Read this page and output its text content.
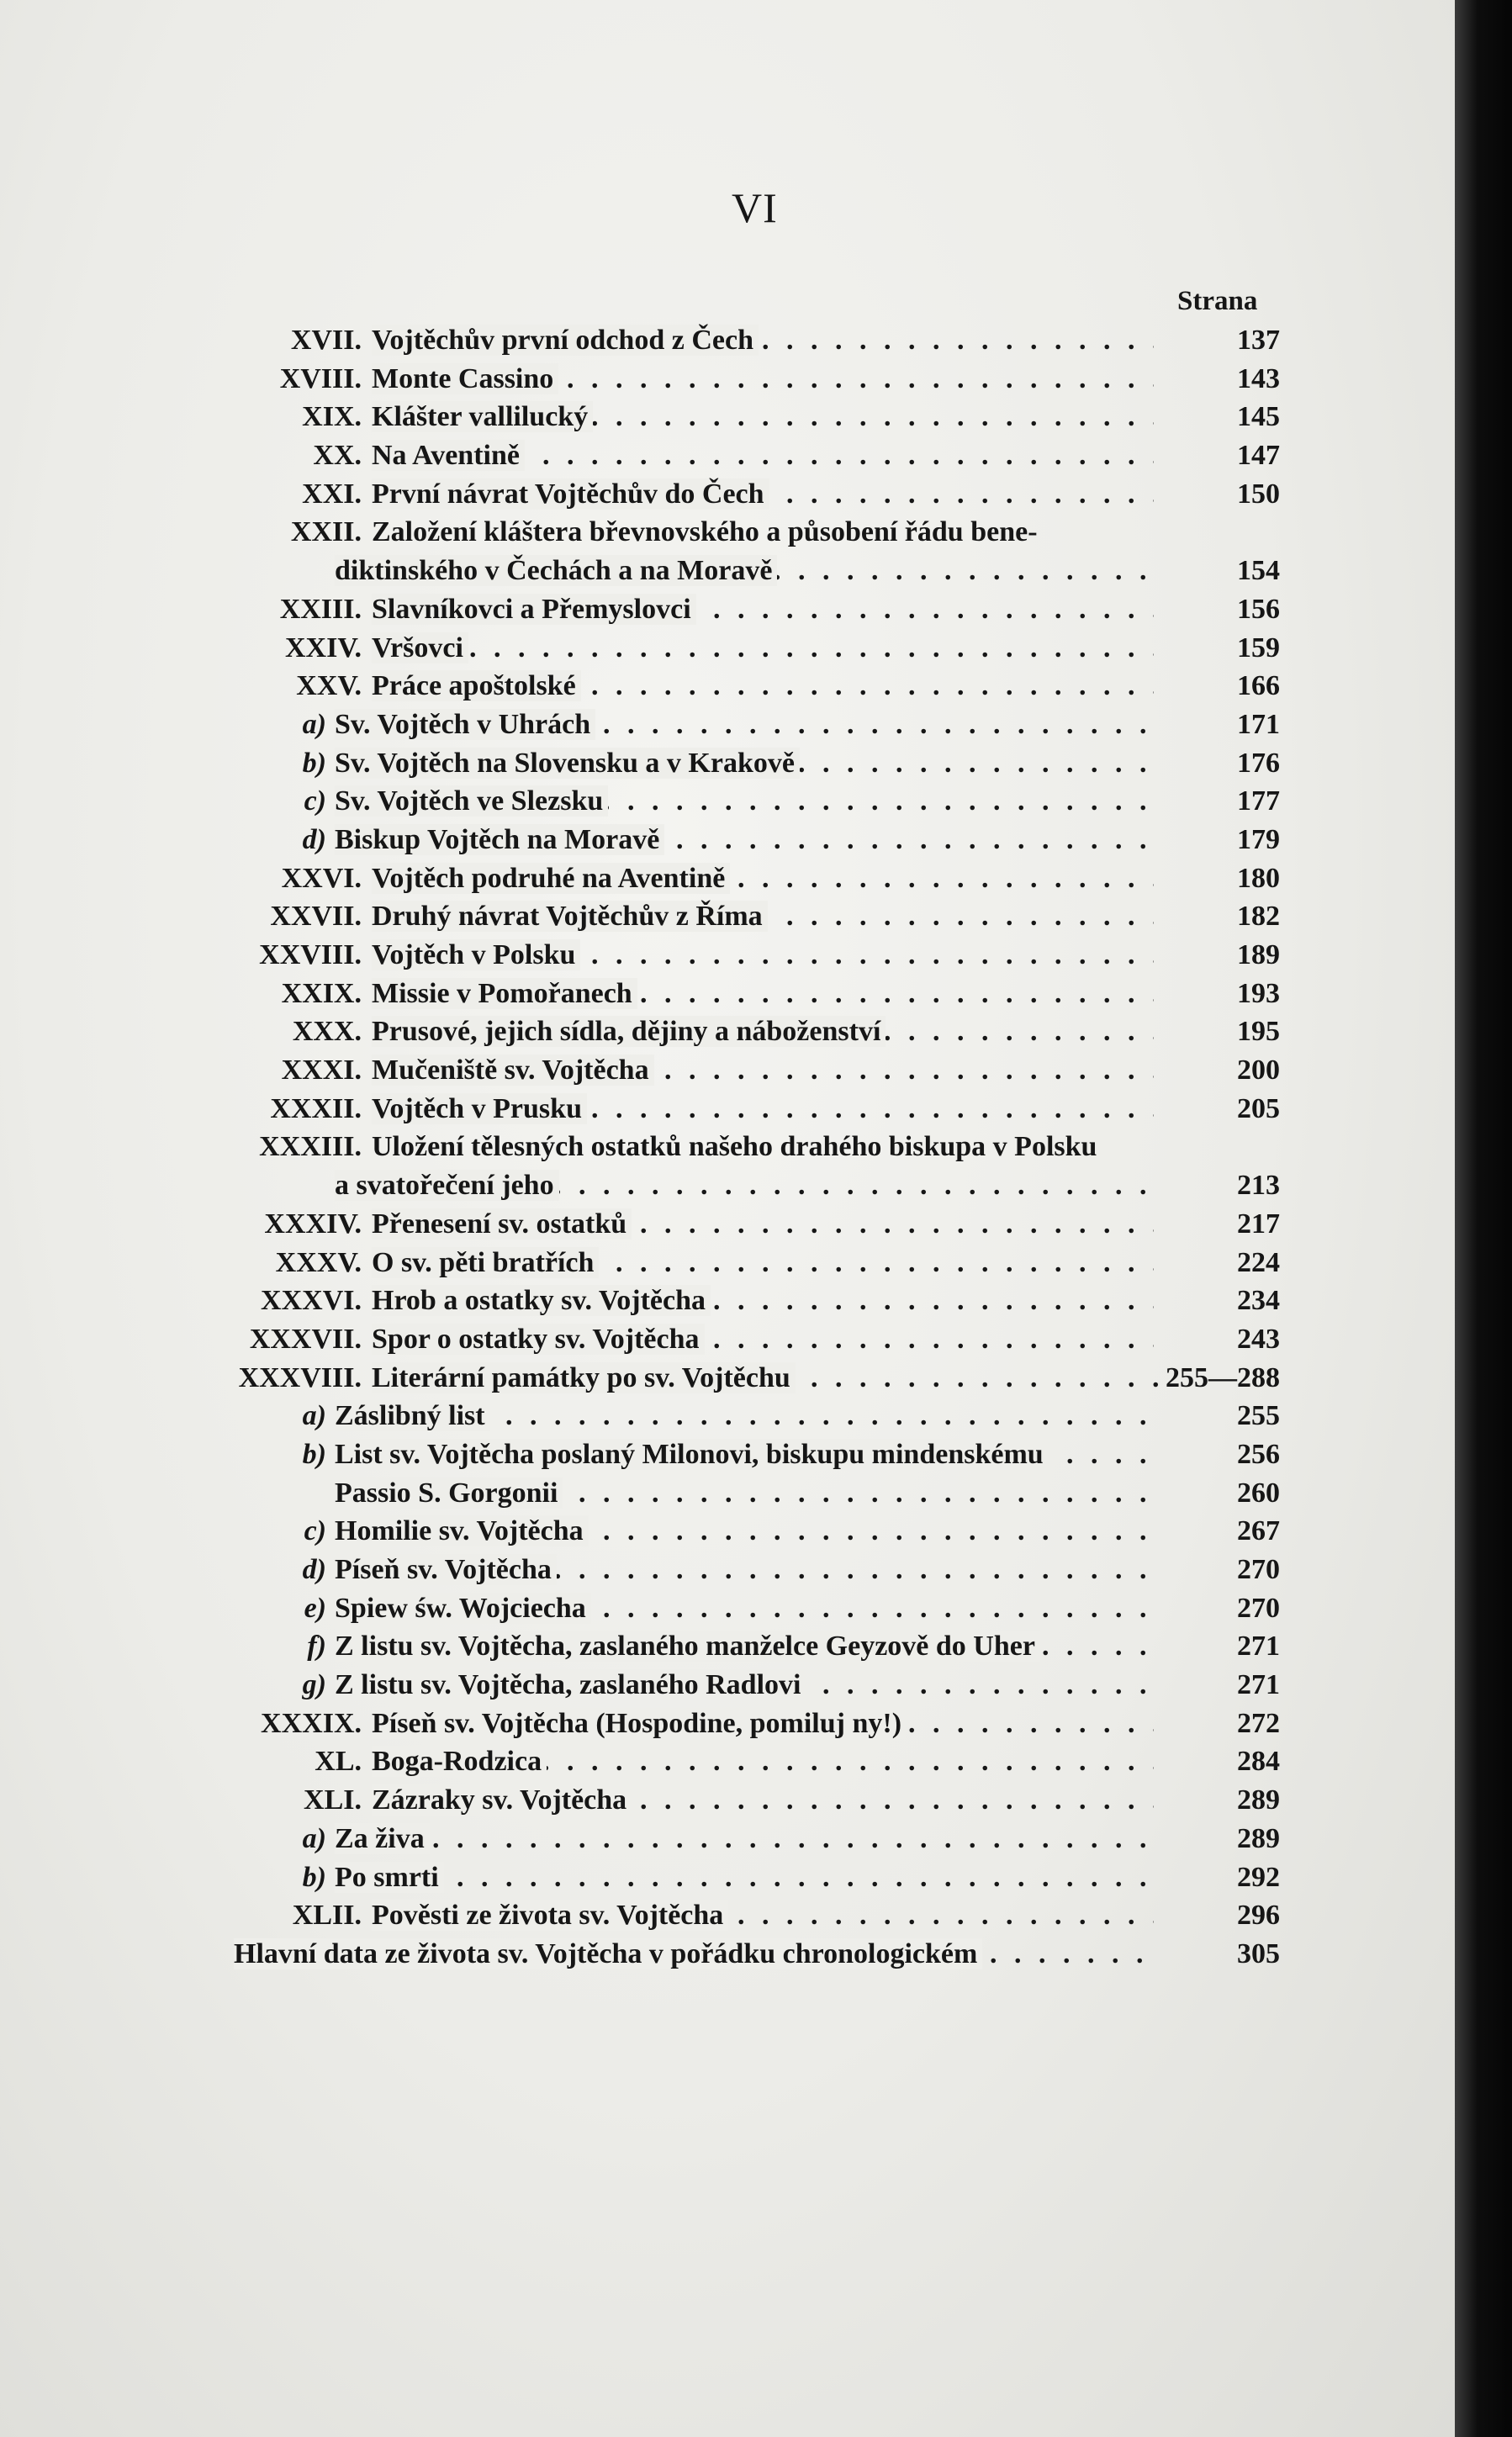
VI
Strana
XVII. . . . Vojtěchův první odchod z Čech	137
XVIII. . . . Monte Cassino	143
XIX. . . . Klášter vallilucký	145
XX. . . . Na Aventině	147
XXI. . . . První návrat Vojtěchův do Čech	150
XXII. Založení kláštera břevnovského a působení řádu bene-
. . .
diktinského v Čechách a na Moravě	154
XXIII. . . . Slavníkovci a Přemyslovci	156
XXIV. . . . Vršovci	159
XXV. . . . Práce apoštolské	166
a) . . . Sv. Vojtěch v Uhrách	171
b) . . . Sv. Vojtěch na Slovensku a v Krakově	176
c) . . . Sv. Vojtěch ve Slezsku	177
d) . . . Biskup Vojtěch na Moravě	179
XXVI. . . . Vojtěch podruhé na Aventině	180
XXVII. . . . Druhý návrat Vojtěchův z Říma	182
XXVIII. . . . Vojtěch v Polsku	189
XXIX. . . . Missie v Pomořanech	193
XXX. . . . Prusové, jejich sídla, dějiny a náboženství	195
XXXI. . . . Mučeniště sv. Vojtěcha	200
XXXII. . . . Vojtěch v Prusku	205
XXXIII. Uložení tělesných ostatků našeho drahého biskupa v Polsku
. . .
a svatořečení jeho	213
XXXIV. . . . Přenesení sv. ostatků	217
XXXV. . . . O sv. pěti bratřích	224
XXXVI. . . . Hrob a ostatky sv. Vojtěcha	234
XXXVII. . . . Spor o ostatky sv. Vojtěcha	243
XXXVIII. . . . Literární památky po sv. Vojtěchu	255—288
a) . . . Záslibný list	255
b) . . . List sv. Vojtěcha poslaný Milonovi, biskupu mindenskému	256
. . .
Passio S. Gorgonii	260
c) . . . Homilie sv. Vojtěcha	267
d) . . . Píseň sv. Vojtěcha	270
e) . . . Spiew św. Wojciecha	270
f) . . . Z listu sv. Vojtěcha, zaslaného manželce Geyzově do Uher	271
g) . . . Z listu sv. Vojtěcha, zaslaného Radlovi	271
XXXIX. . . . Píseň sv. Vojtěcha (Hospodine, pomiluj ny!)	272
XL. . . . Boga-Rodzica	284
XLI. . . . Zázraky sv. Vojtěcha	289
a) . . . Za živa	289
b) . . . Po smrti	292
XLII. . . . Pověsti ze života sv. Vojtěcha	296
. . .
Hlavní data ze života sv. Vojtěcha v pořádku chronologickém	305
